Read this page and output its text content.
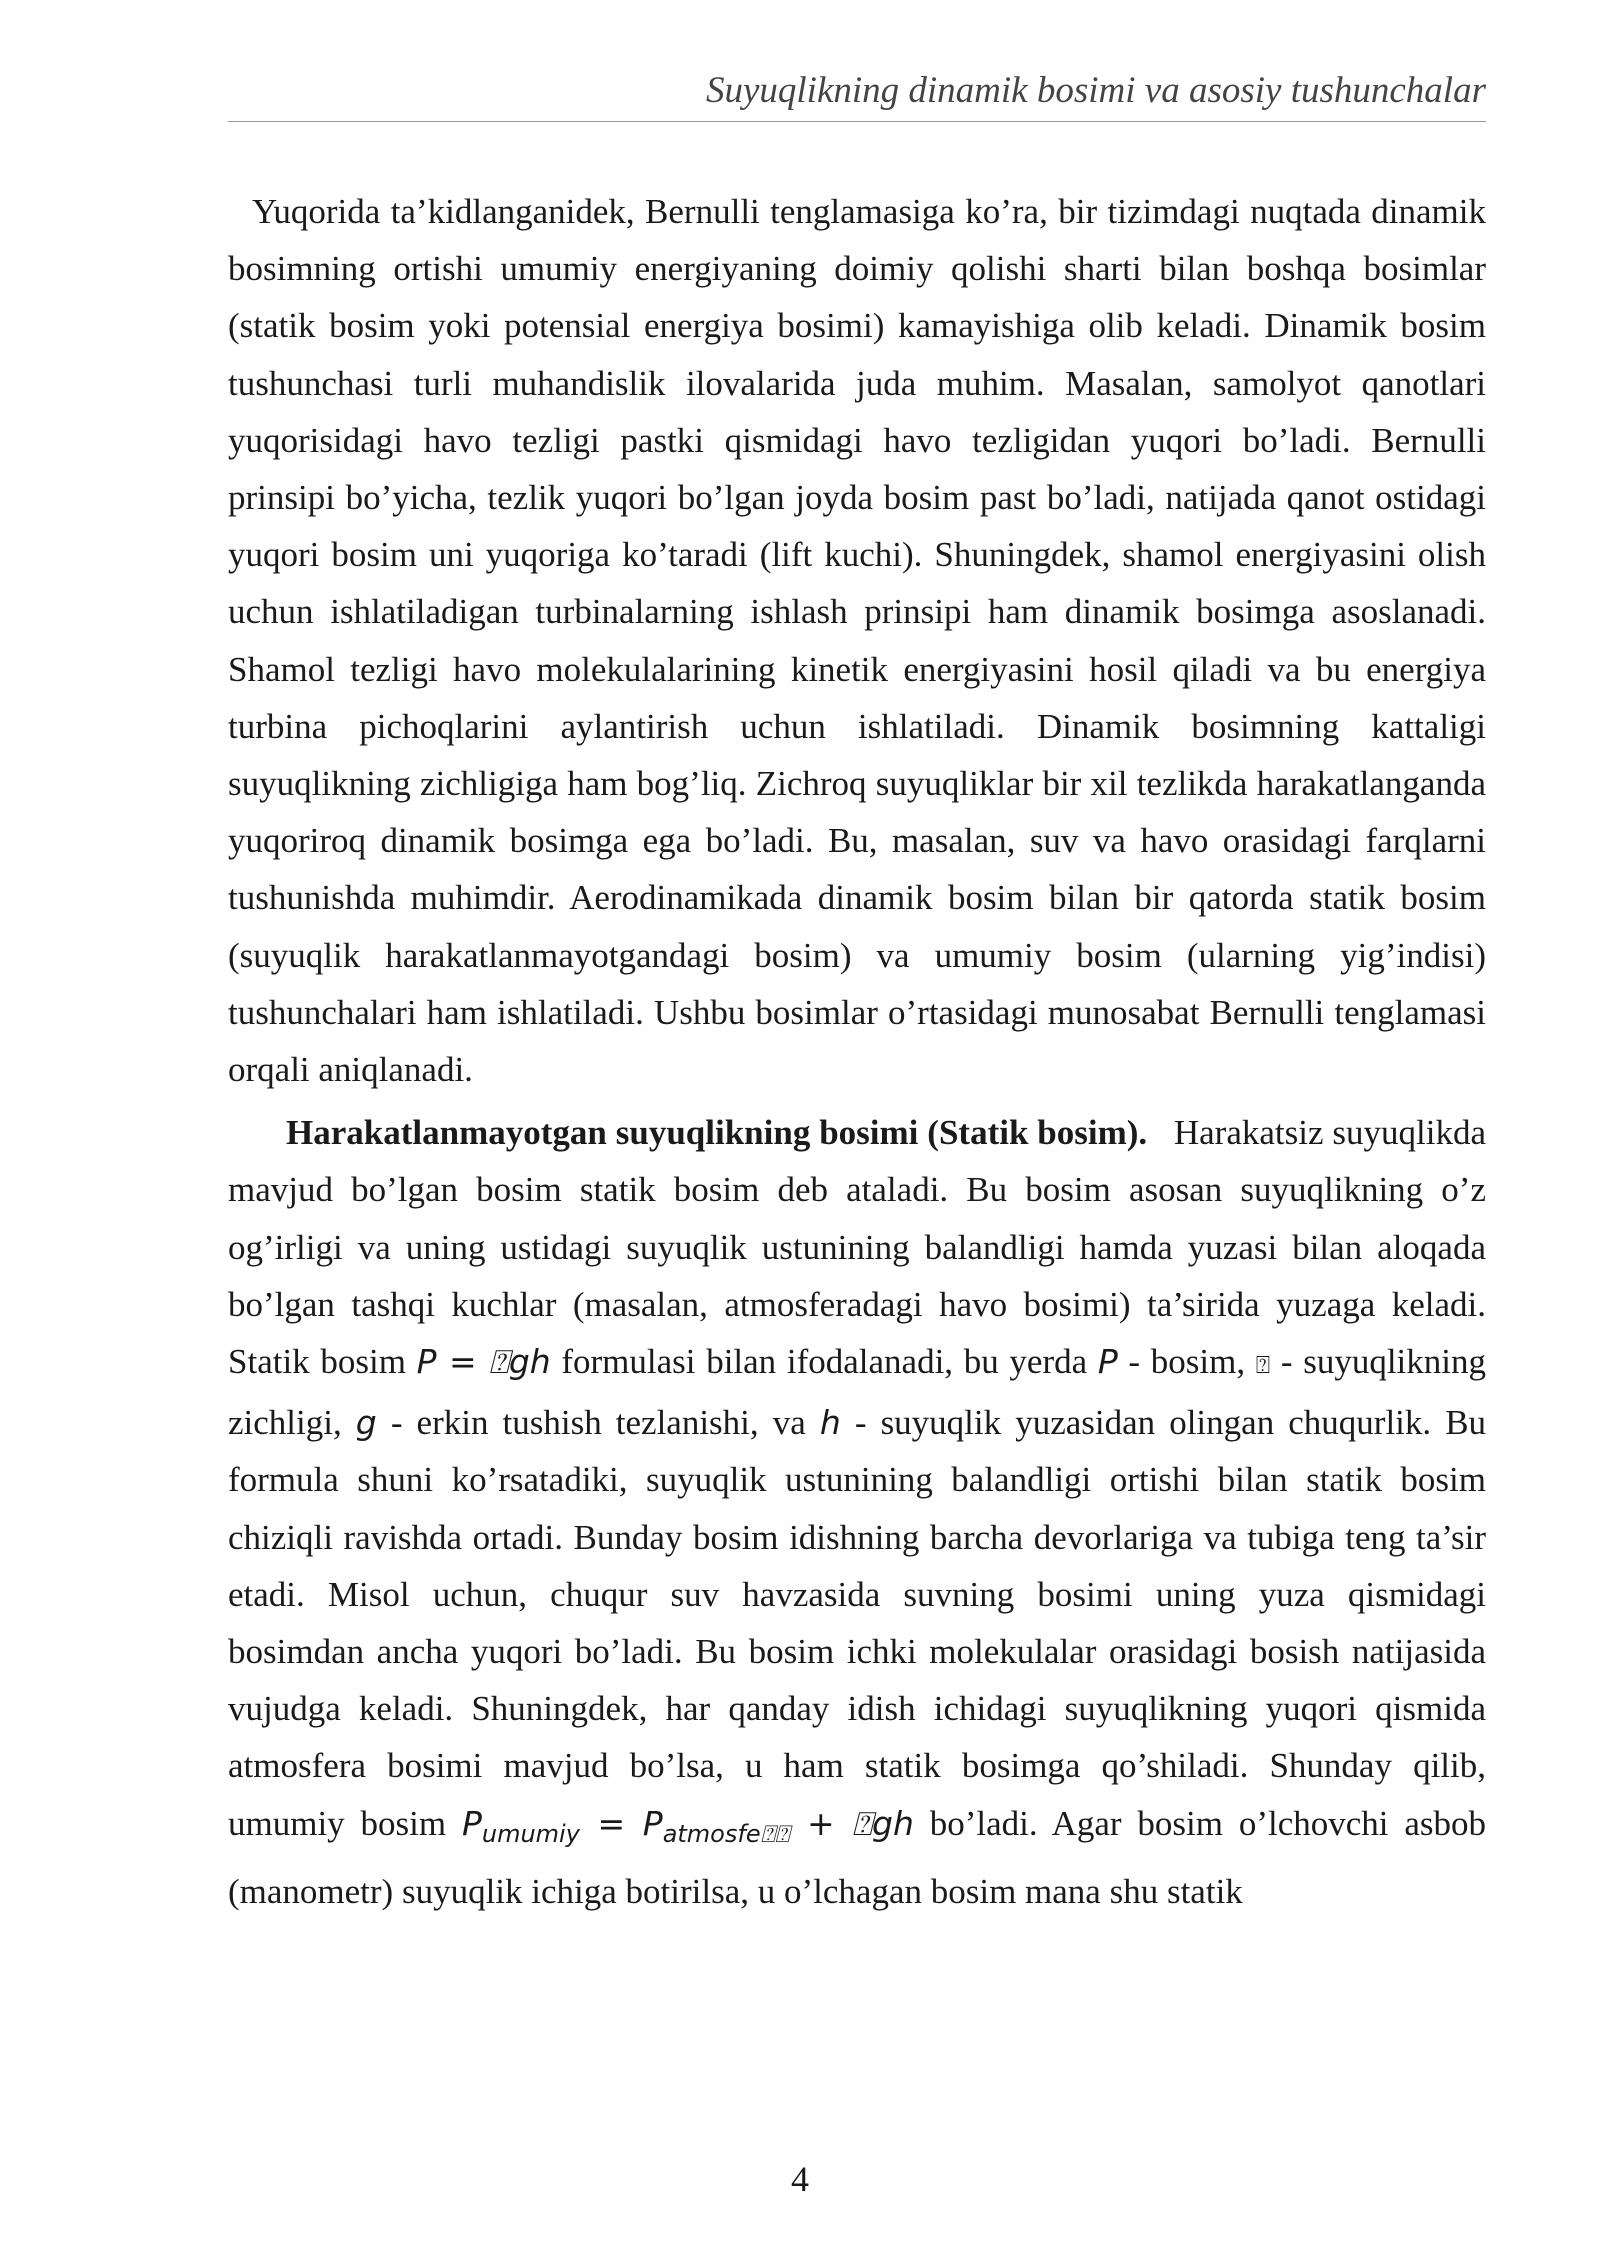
Suyuqlikning dinamik bosimi va asosiy tushunchalar

Yuqorida ta’kidlanganidek, Bernulli tenglamasiga ko’ra, bir tizimdagi nuqtada dinamik bosimning ortishi umumiy energiyaning doimiy qolishi sharti bilan boshqa bosimlar (statik bosim yoki potensial energiya bosimi) kamayishiga olib keladi. Dinamik bosim tushunchasi turli muhandislik ilovalarida juda muhim. Masalan, samolyot qanotlari yuqorisidagi havo tezligi pastki qismidagi havo tezligidan yuqori bo’ladi. Bernulli prinsipi bo’yicha, tezlik yuqori bo’lgan joyda bosim past bo’ladi, natijada qanot ostidagi yuqori bosim uni yuqoriga ko’taradi (lift kuchi). Shuningdek, shamol energiyasini olish uchun ishlatiladigan turbinalarning ishlash prinsipi ham dinamik bosimga asoslanadi. Shamol tezligi havo molekulalarining kinetik energiyasini hosil qiladi va bu energiya turbina pichoqlarini aylantirish uchun ishlatiladi. Dinamik bosimning kattaligi suyuqlikning zichligiga ham bog’liq. Zichroq suyuqliklar bir xil tezlikda harakatlanganda yuqoriroq dinamik bosimga ega bo’ladi. Bu, masalan, suv va havo orasidagi farqlarni tushunishda muhimdir. Aerodinamikada dinamik bosim bilan bir qatorda statik bosim (suyuqlik harakatlanmayotgandagi bosim) va umumiy bosim (ularning yig’indisi) tushunchalari ham ishlatiladi. Ushbu bosimlar o’rtasidagi munosabat Bernulli tenglamasi orqali aniqlanadi.

Harakatlanmayotgan suyuqlikning bosimi (Statik bosim). Harakatsiz suyuqlikda mavjud bo’lgan bosim statik bosim deb ataladi. Bu bosim asosan suyuqlikning o’z og’irligi va uning ustidagi suyuqlik ustunining balandligi hamda yuzasi bilan aloqada bo’lgan tashqi kuchlar (masalan, atmosferadagi havo bosimi) ta’sirida yuzaga keladi. Statik bosim P = ⍰gh formulasi bilan ifodalanadi, bu yerda P - bosim, ⍰ - suyuqlikning zichligi, g - erkin tushish tezlanishi, va h - suyuqlik yuzasidan olingan chuqurlik. Bu formula shuni ko’rsatadiki, suyuqlik ustunining balandligi ortishi bilan statik bosim chiziqli ravishda ortadi. Bunday bosim idishning barcha devorlariga va tubiga teng ta’sir etadi. Misol uchun, chuqur suv havzasida suvning bosimi uning yuza qismidagi bosimdan ancha yuqori bo’ladi. Bu bosim ichki molekulalar orasidagi bosish natijasida vujudga keladi. Shuningdek, har qanday idish ichidagi suyuqlikning yuqori qismida atmosfera bosimi mavjud bo’lsa, u ham statik bosimga qo’shiladi. Shunday qilib, umumiy bosim $P_{umumiy} = P_{atmosfe⍰⍰}$ + ⍰gh bo’ladi. Agar bosim o’lchovchi asbob (manometr) suyuqlik ichiga botirilsa, u o’lchagan bosim mana shu statik

4
